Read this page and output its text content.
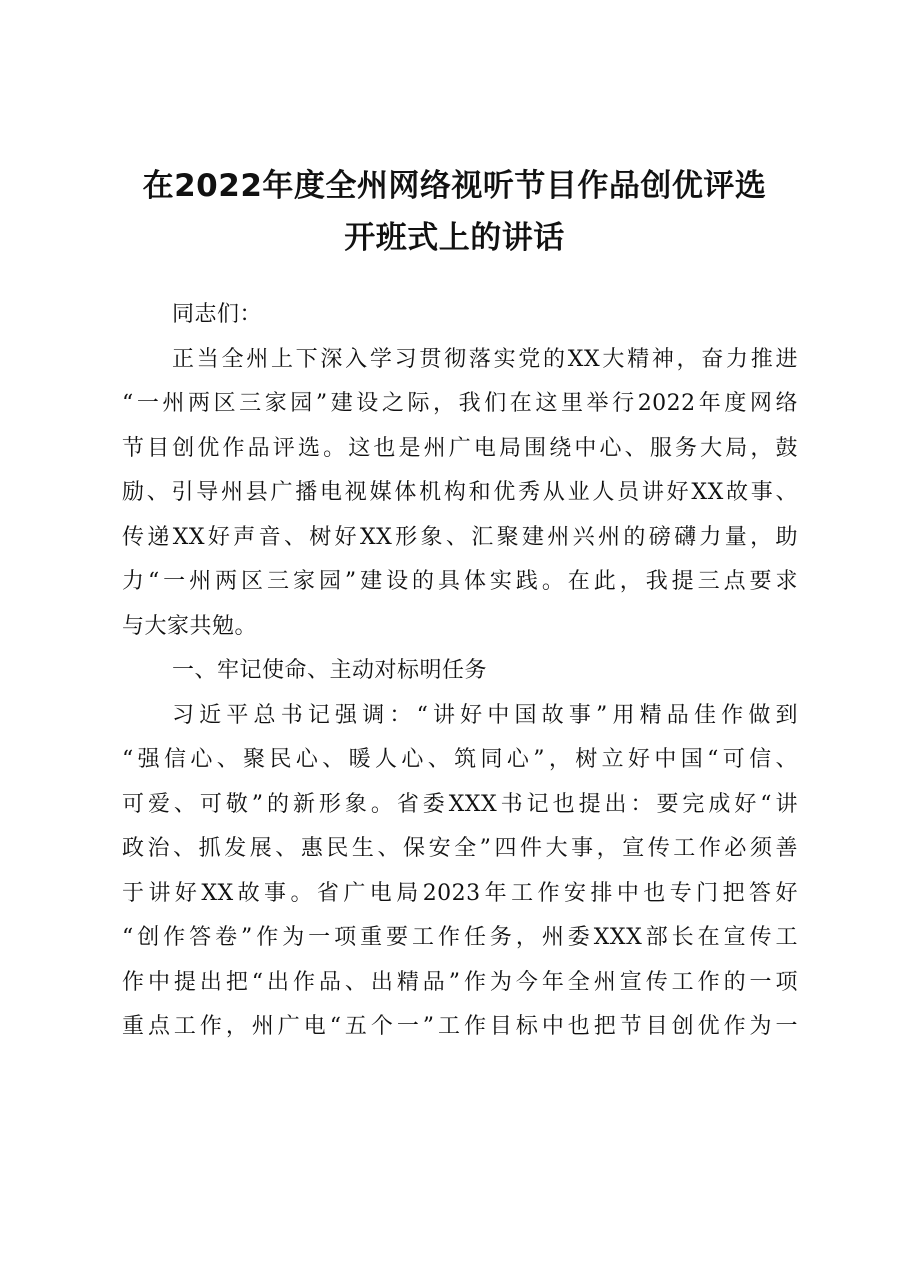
在2022年度全州网络视听节目作品创优评选
开班式上的讲话
同志们：
正当全州上下深入学习贯彻落实党的XX大精神，奋力推进
“一州两区三家园”建设之际，我们在这里举行2022年度网络
节目创优作品评选。这也是州广电局围绕中心、服务大局，鼓
励、引导州县广播电视媒体机构和优秀从业人员讲好XX故事、
传递XX好声音、树好XX形象、汇聚建州兴州的磅礴力量，助
力“一州两区三家园”建设的具体实践。在此，我提三点要求
与大家共勉。
一、牢记使命、主动对标明任务
习近平总书记强调：“讲好中国故事”用精品佳作做到
“强信心、聚民心、暖人心、筑同心”，树立好中国“可信、
可爱、可敬”的新形象。省委XXX书记也提出：要完成好“讲
政治、抓发展、惠民生、保安全”四件大事，宣传工作必须善
于讲好XX故事。省广电局2023年工作安排中也专门把答好
“创作答卷”作为一项重要工作任务，州委XXX部长在宣传工
作中提出把“出作品、出精品”作为今年全州宣传工作的一项
重点工作，州广电“五个一”工作目标中也把节目创优作为一
